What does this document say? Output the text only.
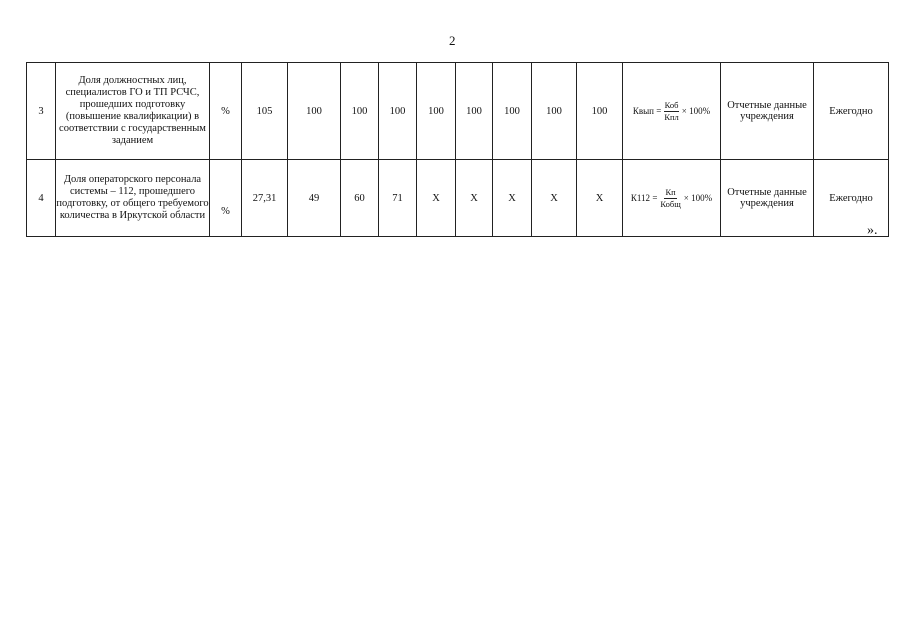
2
3	Доля должностных лиц, специалистов ГО и ТП РСЧС, прошедших подготовку (повышение квалификации) в соответствии с государственным заданием	%	105	100	100	100	100	100	100	100	100	Квып
= $\frac{\text{Коб}}{\text{Кпл}} \times 100\%$	Отчетные данные учреждения	Ежегодно
4	Доля операторского персонала системы – 112, прошедшего подготовку, от общего требуемого количества в Иркутской области	%	27,31	49	60	71	Х	Х	Х	Х	Х	К112
= $\frac{Кп}{\text{Кобщ}} \times 100\%$	Отчетные данные учреждения	Ежегодно
».
